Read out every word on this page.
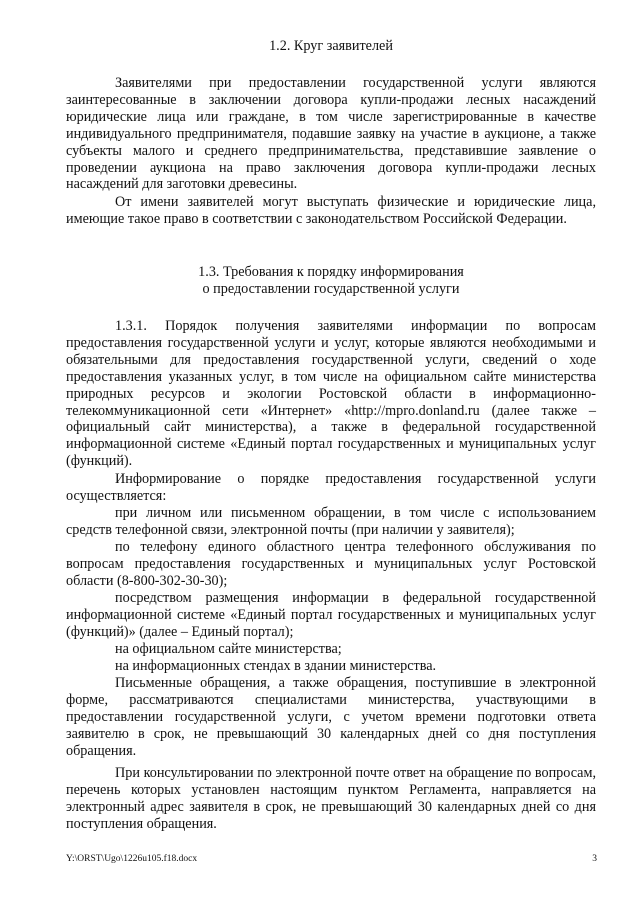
1.2. Круг заявителей

Заявителями при предоставлении государственной услуги являются заинтересованные в заключении договора купли-продажи лесных насаждений юридические лица или граждане, в том числе зарегистрированные в качестве индивидуального предпринимателя, подавшие заявку на участие в аукционе, а также субъекты малого и среднего предпринимательства, представившие заявление о проведении аукциона на право заключения договора купли-продажи лесных насаждений для заготовки древесины.

От имени заявителей могут выступать физические и юридические лица, имеющие такое право в соответствии с законодательством Российской Федерации.

1.3. Требования к порядку информирования
о предоставлении государственной услуги

1.3.1. Порядок получения заявителями информации по вопросам предоставления государственной услуги и услуг, которые являются необходимыми и обязательными для предоставления государственной услуги, сведений о ходе предоставления указанных услуг, в том числе на официальном сайте министерства природных ресурсов и экологии Ростовской области в информационно-телекоммуникационной сети «Интернет» «http://mpro.donland.ru (далее также – официальный сайт министерства), а также в федеральной государственной информационной системе «Единый портал государственных и муниципальных услуг (функций).

Информирование о порядке предоставления государственной услуги осуществляется:

при личном или письменном обращении, в том числе с использованием средств телефонной связи, электронной почты (при наличии у заявителя);

по телефону единого областного центра телефонного обслуживания по вопросам предоставления государственных и муниципальных услуг Ростовской области (8-800-302-30-30);

посредством размещения информации в федеральной государственной информационной системе «Единый портал государственных и муниципальных услуг (функций)» (далее – Единый портал);

на официальном сайте министерства;

на информационных стендах в здании министерства.

Письменные обращения, а также обращения, поступившие в электронной форме, рассматриваются специалистами министерства, участвующими в предоставлении государственной услуги, с учетом времени подготовки ответа заявителю в срок, не превышающий 30 календарных дней со дня поступления обращения.

При консультировании по электронной почте ответ на обращение по вопросам, перечень которых установлен настоящим пунктом Регламента, направляется на электронный адрес заявителя в срок, не превышающий 30 календарных дней со дня поступления обращения.

Y:\ORST\Ugo\1226u105.f18.docx	3
